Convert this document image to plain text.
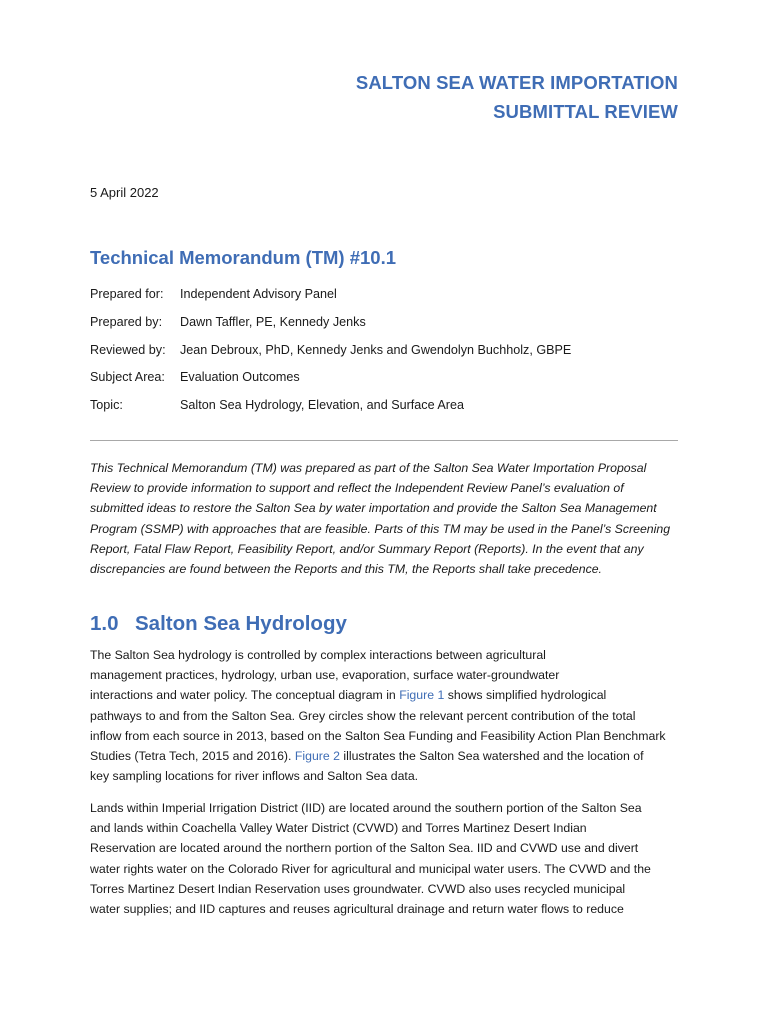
SALTON SEA WATER IMPORTATION
SUBMITTAL REVIEW
5 April 2022
Technical Memorandum (TM) #10.1
Prepared for:	Independent Advisory Panel
Prepared by:	Dawn Taffler, PE, Kennedy Jenks
Reviewed by:	Jean Debroux, PhD, Kennedy Jenks and Gwendolyn Buchholz, GBPE
Subject Area:	Evaluation Outcomes
Topic:	Salton Sea Hydrology, Elevation, and Surface Area
This Technical Memorandum (TM) was prepared as part of the Salton Sea Water Importation Proposal
Review to provide information to support and reflect the Independent Review Panel’s evaluation of
submitted ideas to restore the Salton Sea by water importation and provide the Salton Sea Management
Program (SSMP) with approaches that are feasible. Parts of this TM may be used in the Panel’s Screening
Report, Fatal Flaw Report, Feasibility Report, and/or Summary Report (Reports). In the event that any
discrepancies are found between the Reports and this TM, the Reports shall take precedence.
1.0 Salton Sea Hydrology
The Salton Sea hydrology is controlled by complex interactions between agricultural
management practices, hydrology, urban use, evaporation, surface water-groundwater
interactions and water policy. The conceptual diagram in Figure 1 shows simplified hydrological
pathways to and from the Salton Sea. Grey circles show the relevant percent contribution of the total
inflow from each source in 2013, based on the Salton Sea Funding and Feasibility Action Plan Benchmark
Studies (Tetra Tech, 2015 and 2016). Figure 2 illustrates the Salton Sea watershed and the location of
key sampling locations for river inflows and Salton Sea data.
Lands within Imperial Irrigation District (IID) are located around the southern portion of the Salton Sea
and lands within Coachella Valley Water District (CVWD) and Torres Martinez Desert Indian
Reservation are located around the northern portion of the Salton Sea. IID and CVWD use and divert
water rights water on the Colorado River for agricultural and municipal water users. The CVWD and the
Torres Martinez Desert Indian Reservation uses groundwater. CVWD also uses recycled municipal
water supplies; and IID captures and reuses agricultural drainage and return water flows to reduce
